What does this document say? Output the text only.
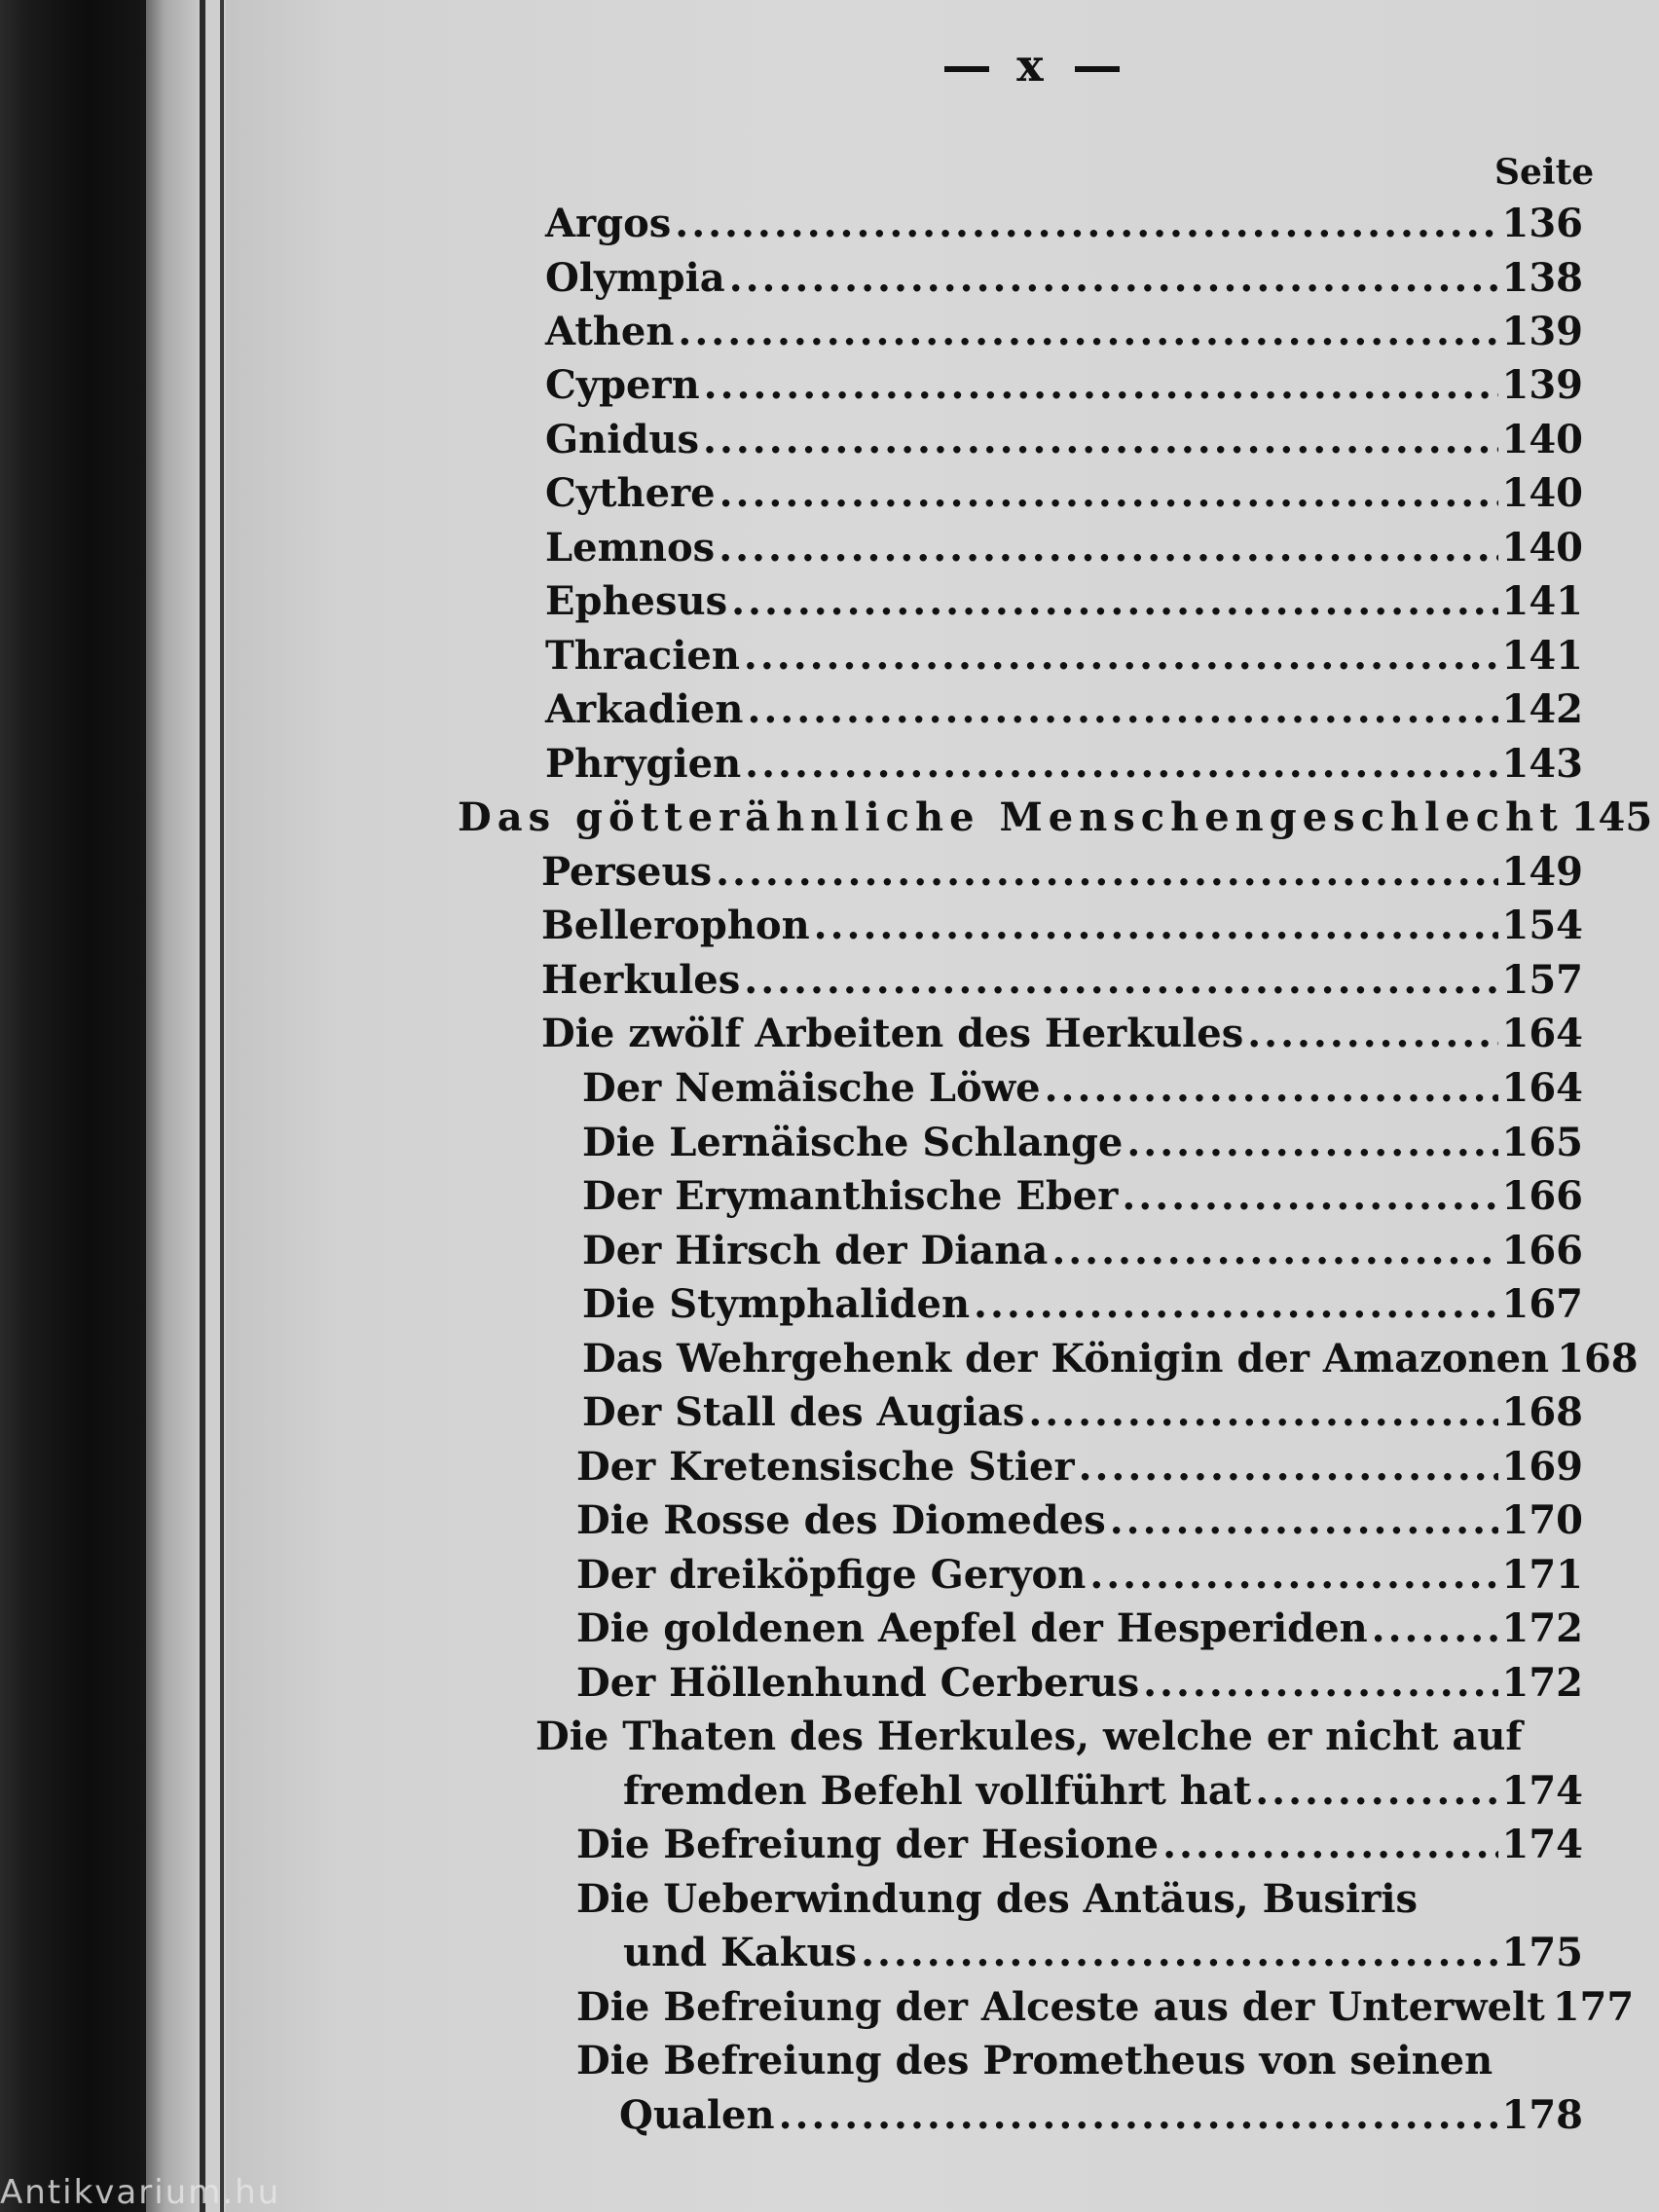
x
Seite
Argos .....	136
Olympia .....	138
Athen .....	139
Cypern .....	139
Gnidus .....	140
Cythere .....	140
Lemnos .....	140
Ephesus .....	141
Thracien .....	141
Arkadien .....	142
Phrygien .....	143
Das götterähnliche Menschengeschlecht 145
Perseus .....	149
Bellerophon .....	154
Herkules .....	157
Die zwölf Arbeiten des Herkules .....	164
Der Nemäische Löwe .....	164
Die Lernäische Schlange .....	165
Der Erymanthische Eber .....	166
Der Hirsch der Diana .....	166
Die Stymphaliden .....	167
Das Wehrgehenk der Königin der Amazonen 168
Der Stall des Augias .....	168
Der Kretensische Stier .....	169
Die Rosse des Diomedes .....	170
Der dreiköpfige Geryon .....	171
Die goldenen Aepfel der Hesperiden .....	172
Der Höllenhund Cerberus .....	172
Die Thaten des Herkules, welche er nicht auf
fremden Befehl vollführt hat .....	174
Die Befreiung der Hesione .....	174
Die Ueberwindung des Antäus, Busiris
und Kakus .....	175
Die Befreiung der Alceste aus der Unterwelt 177
Die Befreiung des Prometheus von seinen
Qualen .....	178
Antikvarium.hu
